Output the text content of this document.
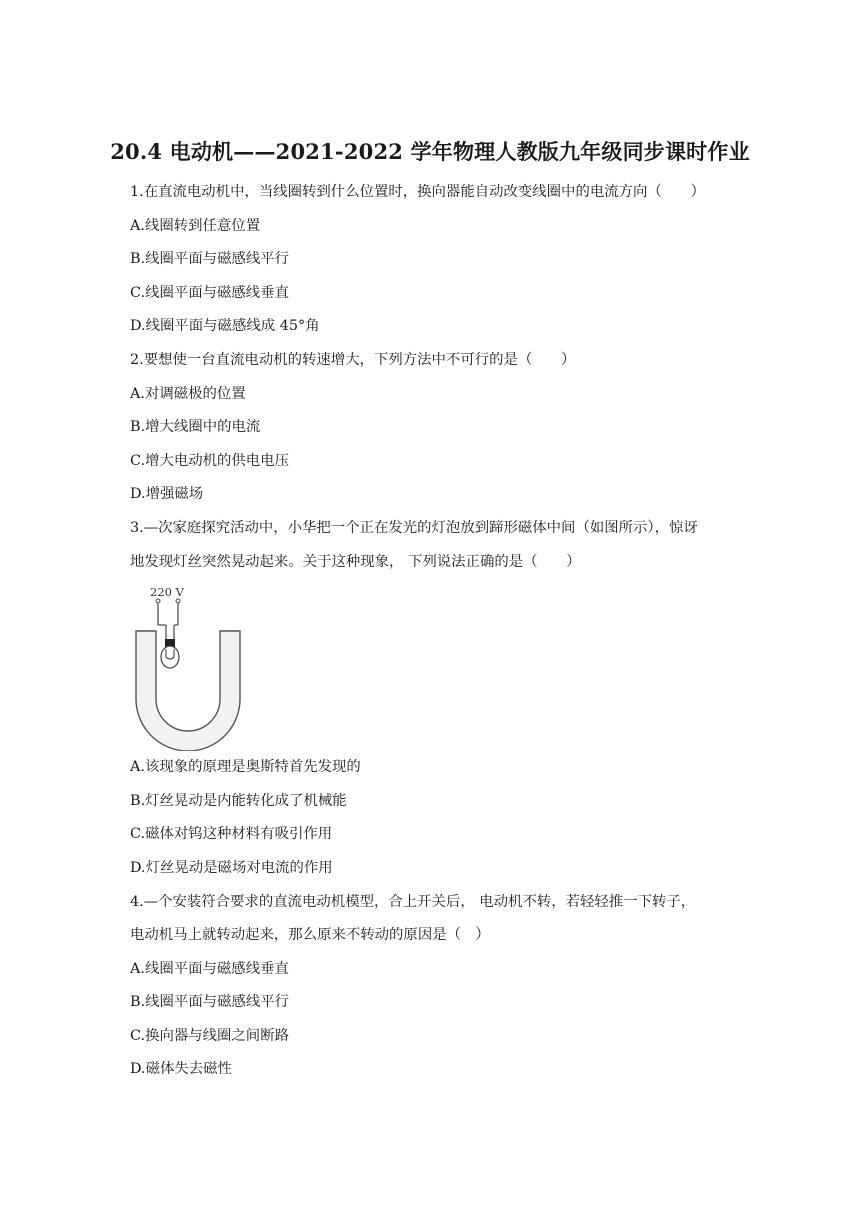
20.4 电动机——2021-2022 学年物理人教版九年级同步课时作业
1.在直流电动机中，当线圈转到什么位置时，换向器能自动改变线圈中的电流方向（　　）
A.线圈转到任意位置
B.线圈平面与磁感线平行
C.线圈平面与磁感线垂直
D.线圈平面与磁感线成 45°角
2.要想使一台直流电动机的转速增大，下列方法中不可行的是（　　）
A.对调磁极的位置
B.增大线圈中的电流
C.增大电动机的供电电压
D.增强磁场
3.—次家庭探究活动中，小华把一个正在发光的灯泡放到蹄形磁体中间（如图所示），惊讶
地发现灯丝突然晃动起来。关于这种现象， 下列说法正确的是（　　）
220 V
A.该现象的原理是奥斯特首先发现的
B.灯丝晃动是内能转化成了机械能
C.磁体对钨这种材料有吸引作用
D.灯丝晃动是磁场对电流的作用
4.—个安装符合要求的直流电动机模型，合上开关后， 电动机不转，若轻轻推一下转子，
电动机马上就转动起来，那么原来不转动的原因是（　）
A.线圈平面与磁感线垂直
B.线圈平面与磁感线平行
C.换向器与线圈之间断路
D.磁体失去磁性
